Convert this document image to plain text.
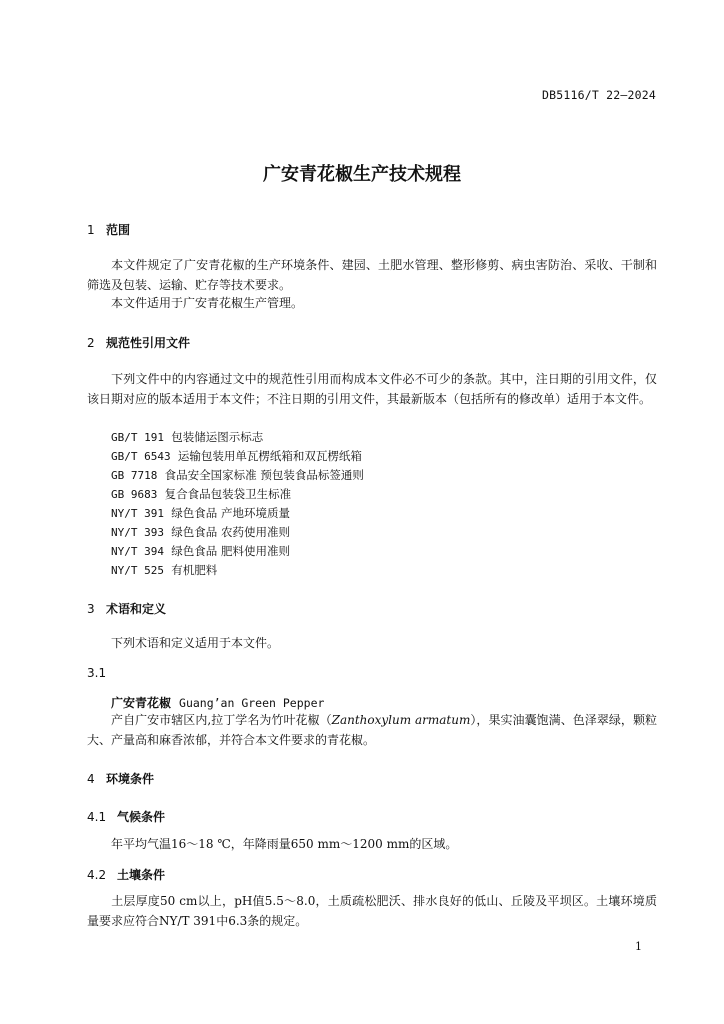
DB5116/T 22—2024
广安青花椒生产技术规程
1 范围
本文件规定了广安青花椒的生产环境条件、建园、土肥水管理、整形修剪、病虫害防治、采收、干制和筛选及包装、运输、贮存等技术要求。
本文件适用于广安青花椒生产管理。
2 规范性引用文件
下列文件中的内容通过文中的规范性引用而构成本文件必不可少的条款。其中，注日期的引用文件，仅该日期对应的版本适用于本文件；不注日期的引用文件，其最新版本（包括所有的修改单）适用于本文件。
GB/T 191 包装储运图示标志
GB/T 6543 运输包装用单瓦楞纸箱和双瓦楞纸箱
GB 7718 食品安全国家标准 预包装食品标签通则
GB 9683 复合食品包装袋卫生标准
NY/T 391 绿色食品 产地环境质量
NY/T 393 绿色食品 农药使用准则
NY/T 394 绿色食品 肥料使用准则
NY/T 525 有机肥料
3 术语和定义
下列术语和定义适用于本文件。
3.1
广安青花椒 Guang’an Green Pepper
产自广安市辖区内,拉丁学名为竹叶花椒（Zanthoxylum armatum），果实油囊饱满、色泽翠绿，颗粒大、产量高和麻香浓郁，并符合本文件要求的青花椒。
4 环境条件
4.1 气候条件
年平均气温16～18 ℃，年降雨量650 mm～1200 mm的区域。
4.2 土壤条件
土层厚度50 cm以上，pH值5.5～8.0，土质疏松肥沃、排水良好的低山、丘陵及平坝区。土壤环境质量要求应符合NY/T 391中6.3条的规定。
1
